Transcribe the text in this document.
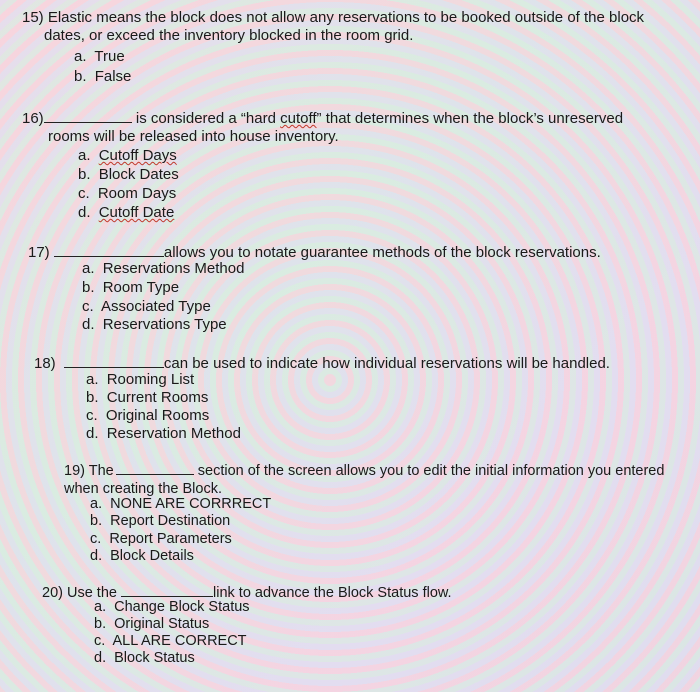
15) Elastic means the block does not allow any reservations to be booked outside of the block
dates, or exceed the inventory blocked in the room grid.
a. True
b. False
16)	is considered a “hard cutoff” that determines when the block’s unreserved
rooms will be released into house inventory.
a. Cutoff Days
b. Block Dates
c. Room Days
d. Cutoff Date
17)	allows you to notate guarantee methods of the block reservations.
a. Reservations Method
b. Room Type
c. Associated Type
d. Reservations Type
18)	can be used to indicate how individual reservations will be handled.
a. Rooming List
b. Current Rooms
c. Original Rooms
d. Reservation Method
19) The	section of the screen allows you to edit the initial information you entered
when creating the Block.
a. NONE ARE CORRRECT
b. Report Destination
c. Report Parameters
d. Block Details
20) Use the	link to advance the Block Status flow.
a. Change Block Status
b. Original Status
c. ALL ARE CORRECT
d. Block Status
